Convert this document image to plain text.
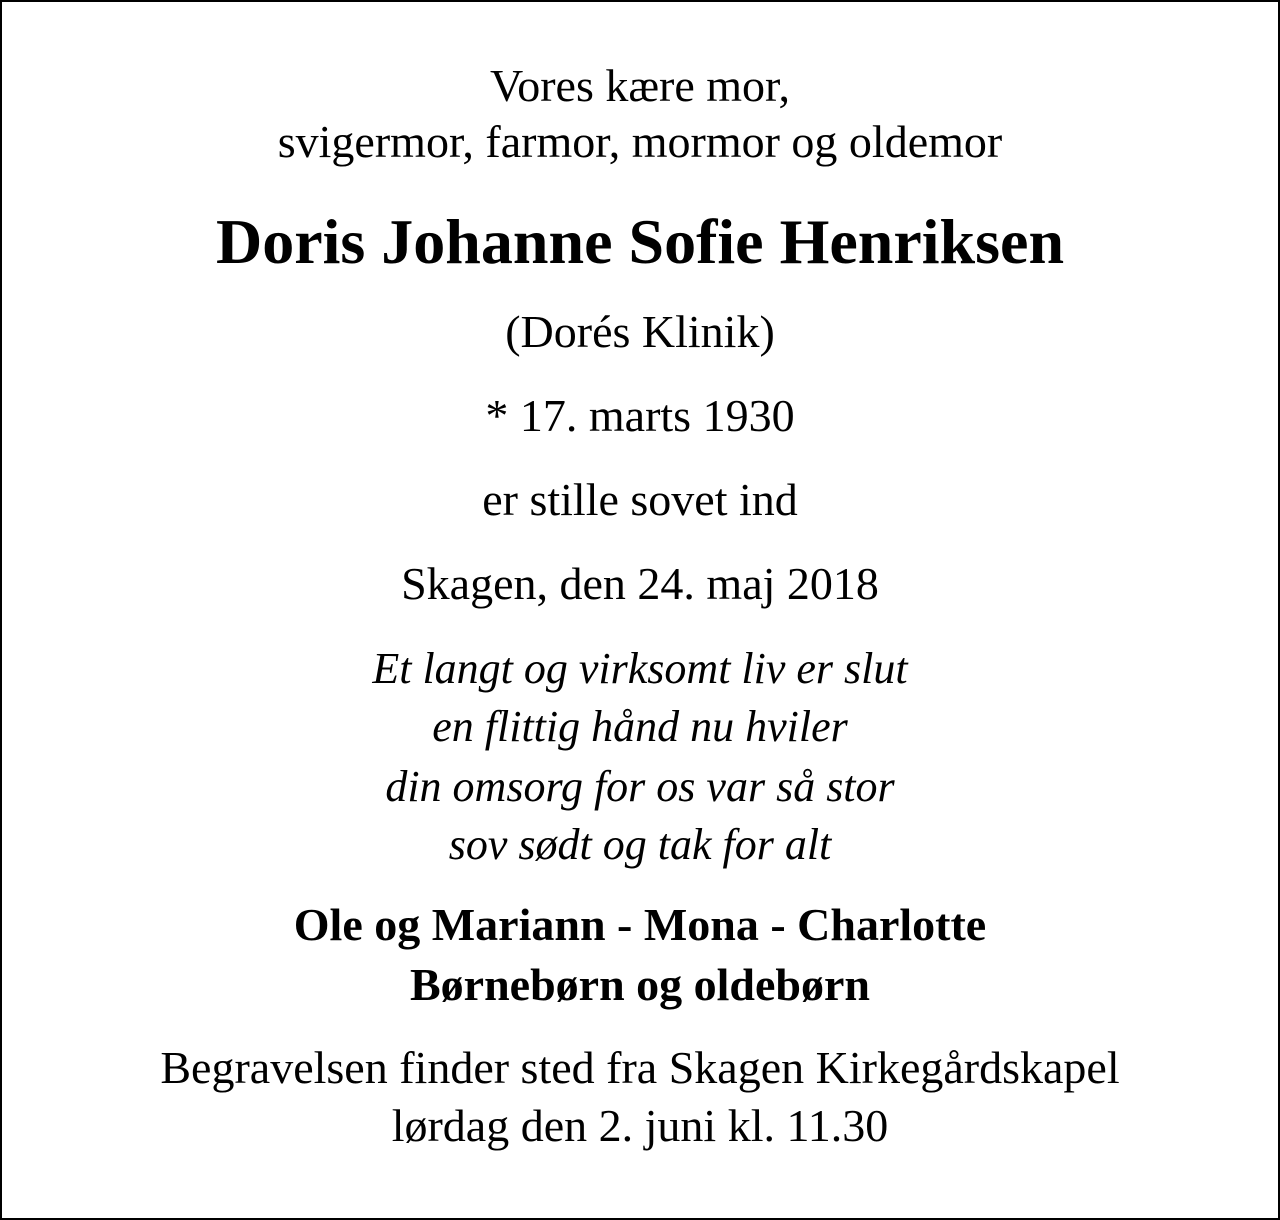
Vores kære mor,
svigermor, farmor, mormor og oldemor
Doris Johanne Sofie Henriksen
(Dorés Klinik)
* 17. marts 1930
er stille sovet ind
Skagen, den 24. maj 2018
Et langt og virksomt liv er slut
en flittig hånd nu hviler
din omsorg for os var så stor
sov sødt og tak for alt
Ole og Mariann - Mona - Charlotte
Børnebørn og oldebørn
Begravelsen finder sted fra Skagen Kirkegårdskapel
lørdag den 2. juni kl. 11.30
